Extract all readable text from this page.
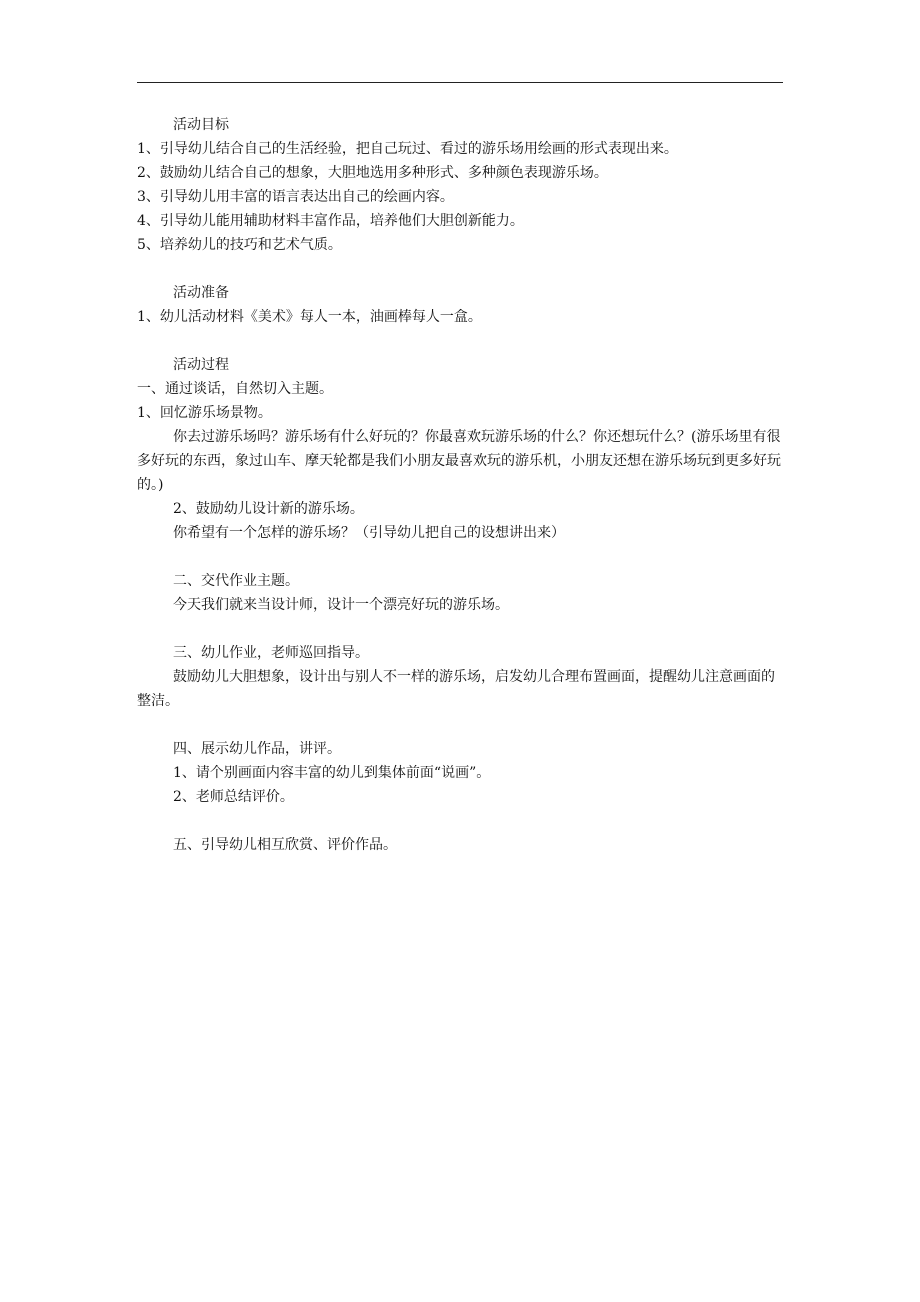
活动目标

1、引导幼儿结合自己的生活经验，把自己玩过、看过的游乐场用绘画的形式表现出来。

2、鼓励幼儿结合自己的想象，大胆地选用多种形式、多种颜色表现游乐场。

3、引导幼儿用丰富的语言表达出自己的绘画内容。

4、引导幼儿能用辅助材料丰富作品，培养他们大胆创新能力。

5、培养幼儿的技巧和艺术气质。

活动准备

1、幼儿活动材料《美术》每人一本，油画棒每人一盒。

活动过程

一、通过谈话，自然切入主题。

1、回忆游乐场景物。

你去过游乐场吗？游乐场有什么好玩的？你最喜欢玩游乐场的什么？你还想玩什么？(游乐场里有很多好玩的东西，象过山车、摩天轮都是我们小朋友最喜欢玩的游乐机，小朋友还想在游乐场玩到更多好玩的。)

2、鼓励幼儿设计新的游乐场。

你希望有一个怎样的游乐场？（引导幼儿把自己的设想讲出来）

二、交代作业主题。

今天我们就来当设计师，设计一个漂亮好玩的游乐场。

三、幼儿作业，老师巡回指导。

鼓励幼儿大胆想象，设计出与别人不一样的游乐场，启发幼儿合理布置画面，提醒幼儿注意画面的整洁。

四、展示幼儿作品，讲评。

1、请个别画面内容丰富的幼儿到集体前面“说画”。

2、老师总结评价。

五、引导幼儿相互欣赏、评价作品。
